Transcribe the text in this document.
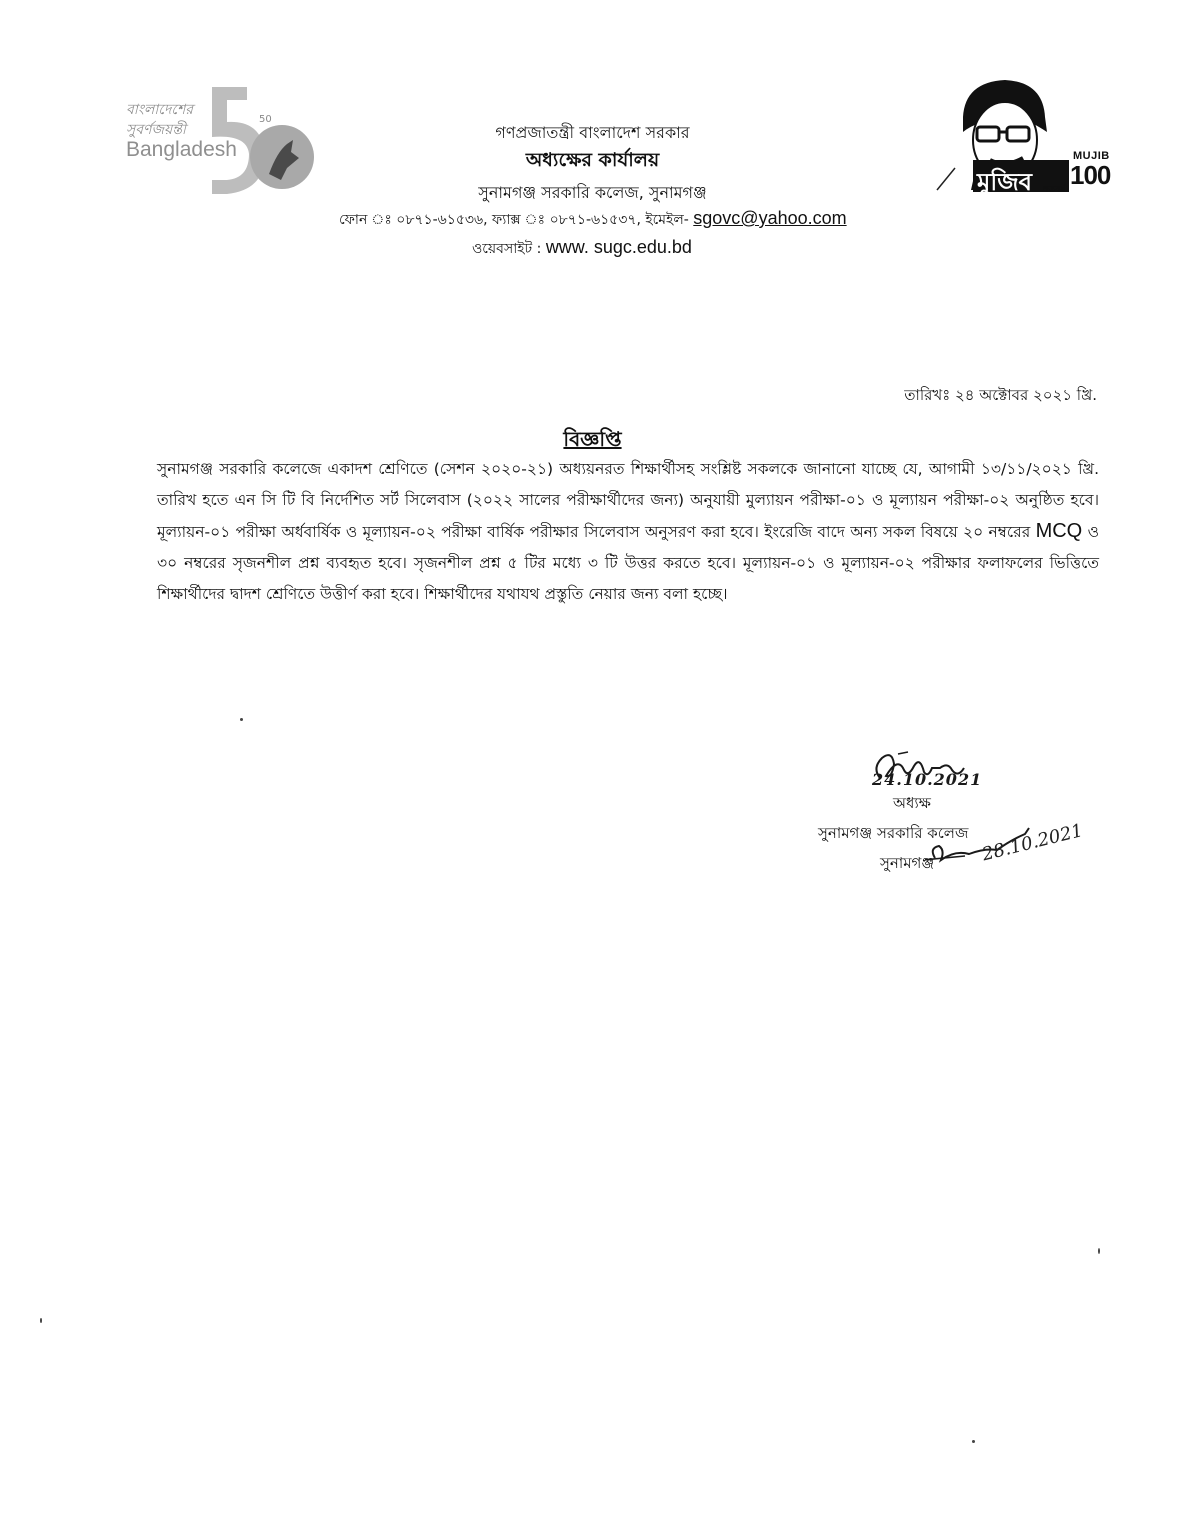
বাংলাদেশের
সুবর্ণজয়ন্তী
Bangladesh
50
মুজিব শতবর্ষ
MUJIB
100
গণপ্রজাতন্ত্রী বাংলাদেশ সরকার
অধ্যক্ষের কার্যালয়
সুনামগঞ্জ সরকারি কলেজ, সুনামগঞ্জ
ফোন ঃ ০৮৭১-৬১৫৩৬, ফ্যাক্স ঃ ০৮৭১-৬১৫৩৭, ইমেইল- sgovc@yahoo.com
ওয়েবসাইট : www. sugc.edu.bd
তারিখঃ ২৪ অক্টোবর ২০২১ খ্রি.
বিজ্ঞপ্তি
সুনামগঞ্জ সরকারি কলেজে একাদশ শ্রেণিতে (সেশন ২০২০-২১) অধ্যয়নরত শিক্ষার্থীসহ সংশ্লিষ্ট সকলকে জানানো যাচ্ছে যে, আগামী ১৩/১১/২০২১ খ্রি. তারিখ হতে এন সি টি বি নির্দেশিত সর্ট সিলেবাস (২০২২ সালের পরীক্ষার্থীদের জন্য) অনুযায়ী মুল্যায়ন পরীক্ষা-০১ ও মূল্যায়ন পরীক্ষা-০২ অনুষ্ঠিত হবে। মূল্যায়ন-০১ পরীক্ষা অর্ধবার্ষিক ও মূল্যায়ন-০২ পরীক্ষা বার্ষিক পরীক্ষার সিলেবাস অনুসরণ করা হবে। ইংরেজি বাদে অন্য সকল বিষয়ে ২০ নম্বরের MCQ ও ৩০ নম্বরের সৃজনশীল প্রশ্ন ব্যবহৃত হবে। সৃজনশীল প্রশ্ন ৫ টির মধ্যে ৩ টি উত্তর করতে হবে। মূল্যায়ন-০১ ও মূল্যায়ন-০২ পরীক্ষার ফলাফলের ভিত্তিতে শিক্ষার্থীদের দ্বাদশ শ্রেণিতে উত্তীর্ণ করা হবে। শিক্ষার্থীদের যথাযথ প্রস্তুতি নেয়ার জন্য বলা হচ্ছে।
24.10.2021
অধ্যক্ষ
সুনামগঞ্জ সরকারি কলেজ
সুনামগঞ্জ	28.10.2021
